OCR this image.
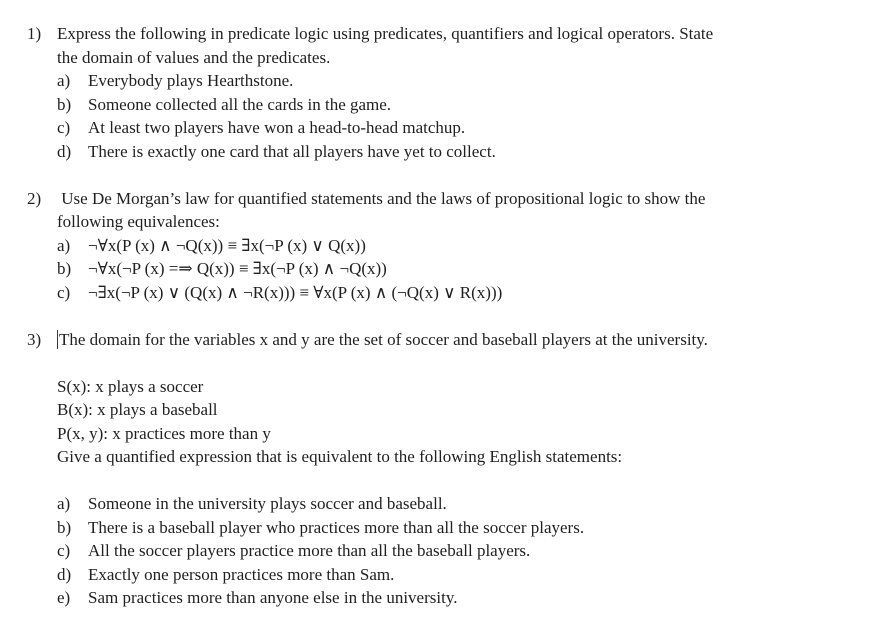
1) Express the following in predicate logic using predicates, quantifiers and logical operators. State
the domain of values and the predicates.
a)	Everybody plays Hearthstone.
b) Someone collected all the cards in the game.
c)	At least two players have won a head-to-head matchup.
d) There is exactly one card that all players have yet to collect.
2) Use De Morgan’s law for quantified statements and the laws of propositional logic to show the
following equivalences:
a)	¬∀x(P (x) ∧ ¬Q(x)) ≡ ∃x(¬P (x) ∨ Q(x))
b) ¬∀x(¬P (x) =⇒ Q(x)) ≡ ∃x(¬P (x) ∧ ¬Q(x))
c)	¬∃x(¬P (x) ∨ (Q(x) ∧ ¬R(x))) ≡ ∀x(P (x) ∧ (¬Q(x) ∨ R(x)))
3)	The domain for the variables x and y are the set of soccer and baseball players at the university.
S(x): x plays a soccer
B(x): x plays a baseball
P(x, y): x practices more than y
Give a quantified expression that is equivalent to the following English statements:
a)	Someone in the university plays soccer and baseball.
b) There is a baseball player who practices more than all the soccer players.
c)	All the soccer players practice more than all the baseball players.
d) Exactly one person practices more than Sam.
e)	Sam practices more than anyone else in the university.
